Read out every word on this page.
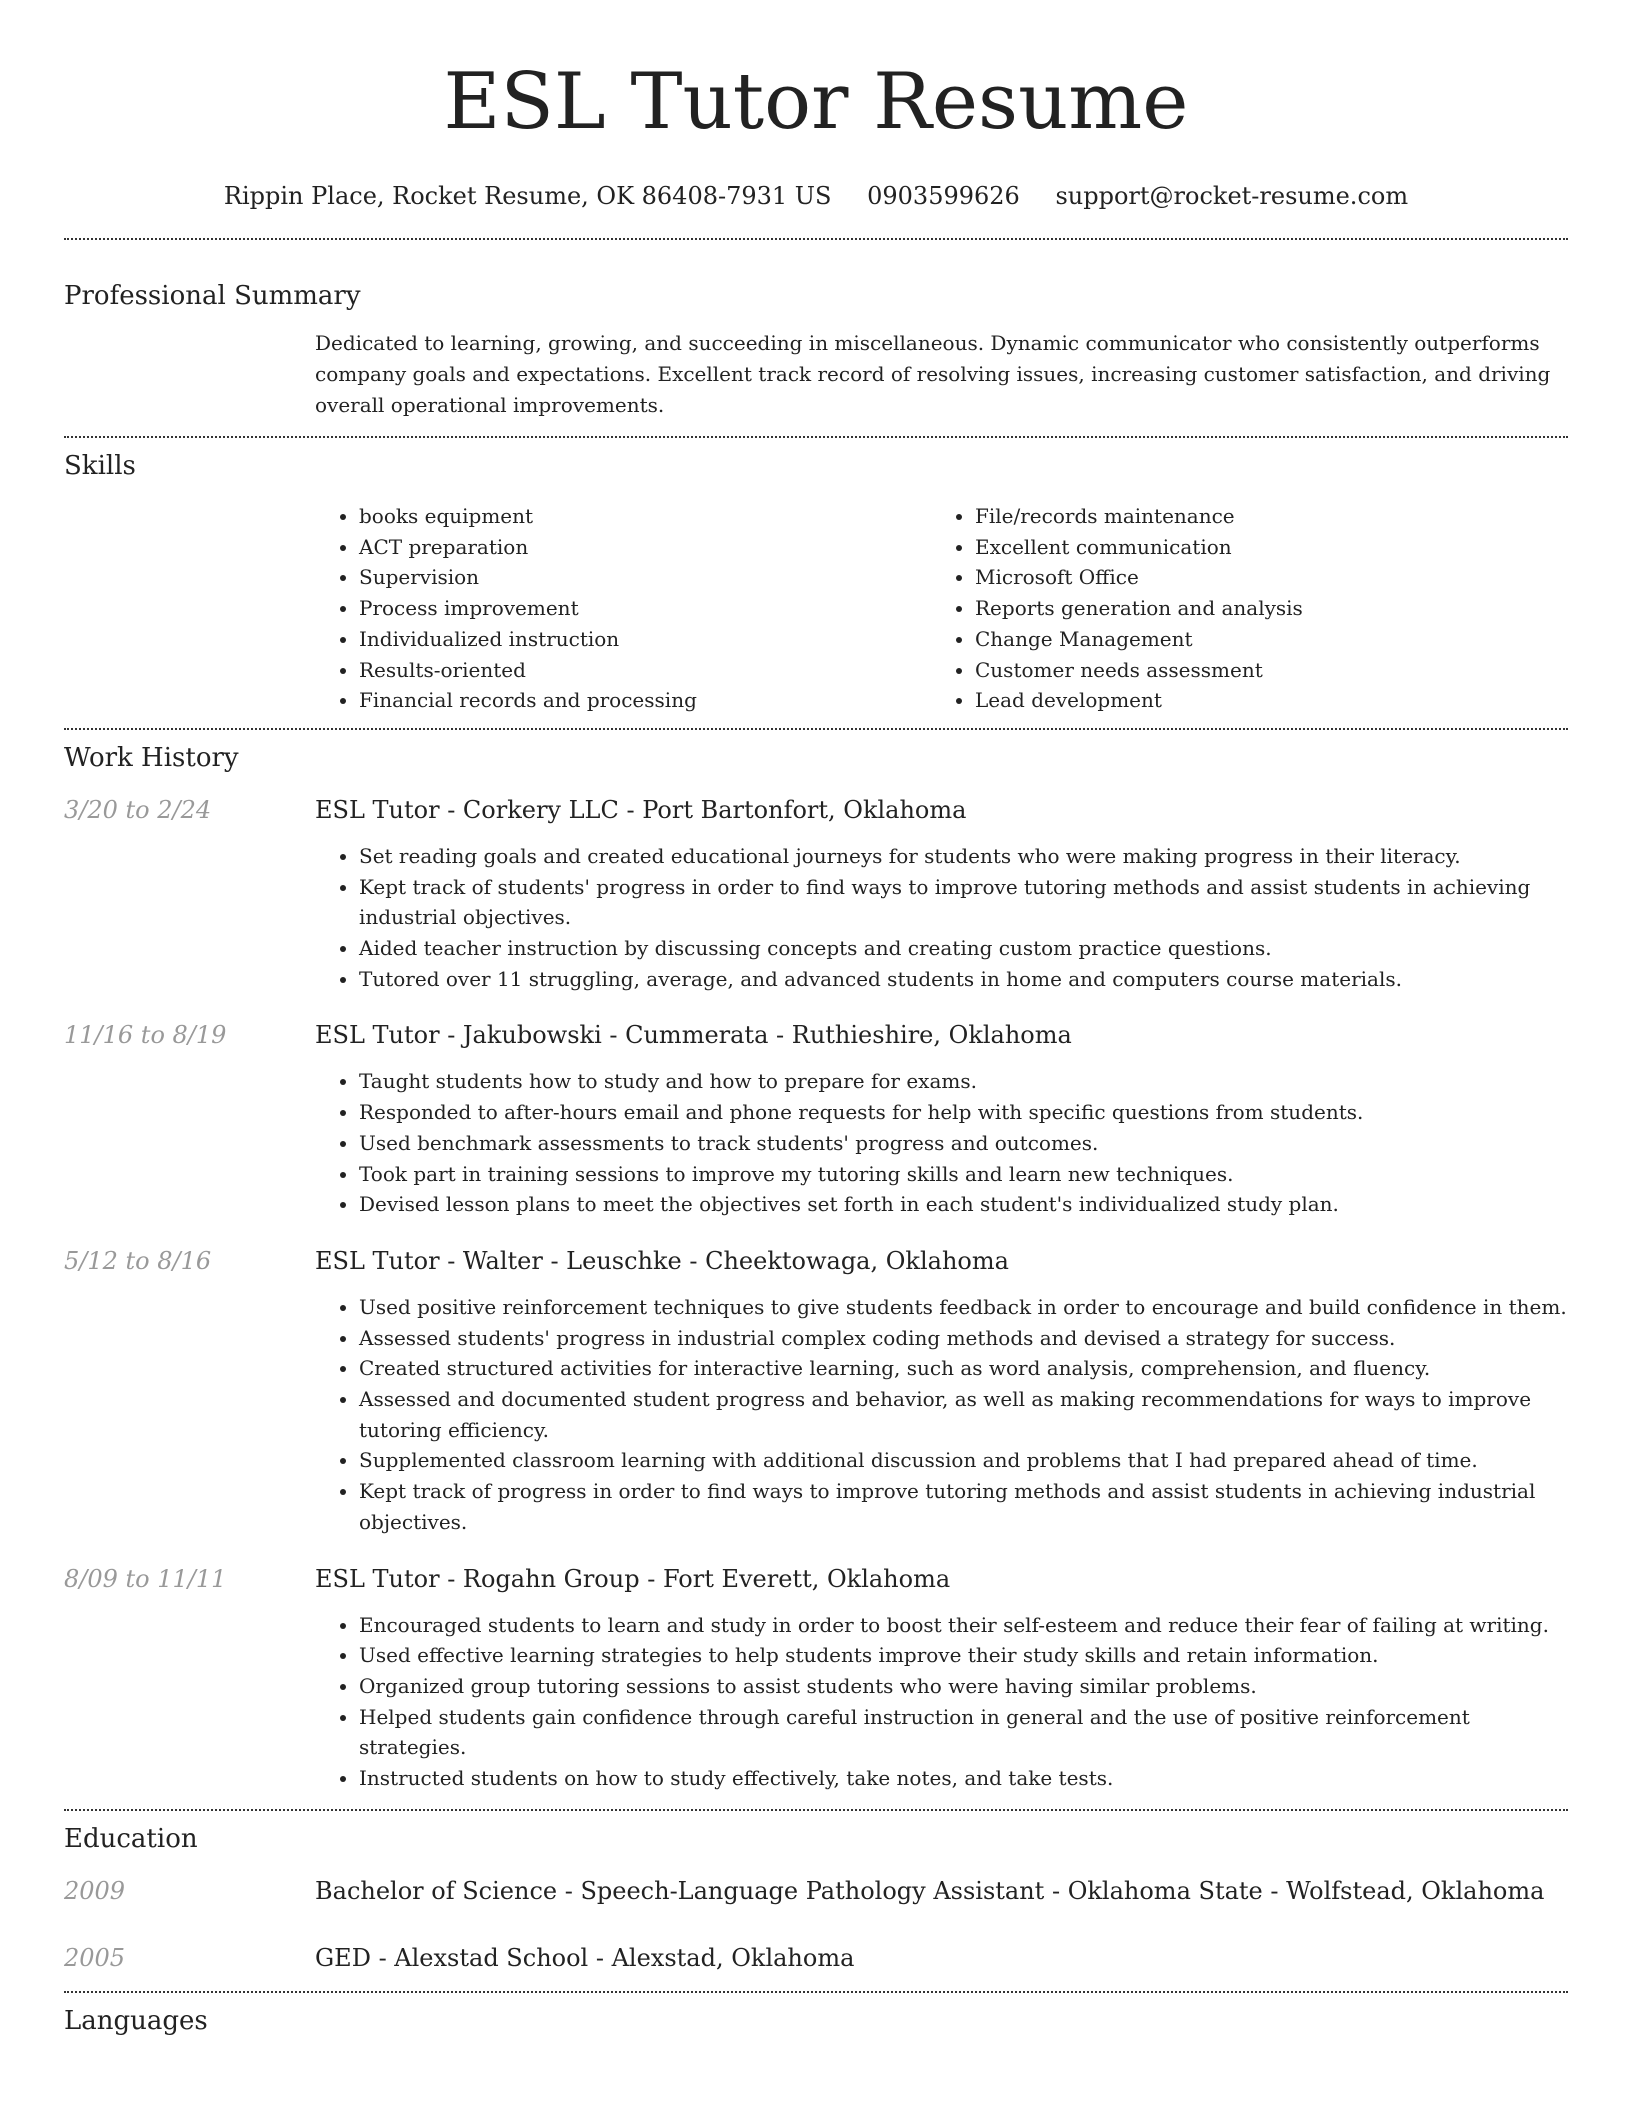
ESL Tutor Resume
Rippin Place, Rocket Resume, OK 86408-7931 US 0903599626 support@rocket-resume.com
Professional Summary
Dedicated to learning, growing, and succeeding in miscellaneous. Dynamic communicator who consistently outperforms company goals and expectations. Excellent track record of resolving issues, increasing customer satisfaction, and driving overall operational improvements.
Skills
• books equipment
• ACT preparation
• Supervision
• Process improvement
• Individualized instruction
• Results-oriented
• Financial records and processing
• File/records maintenance
• Excellent communication
• Microsoft Office
• Reports generation and analysis
• Change Management
• Customer needs assessment
• Lead development
Work History
3/20 to 2/24	ESL Tutor - Corkery LLC - Port Bartonfort, Oklahoma
• Set reading goals and created educational journeys for students who were making progress in their literacy.
• Kept track of students' progress in order to find ways to improve tutoring methods and assist students in achieving industrial objectives.
• Aided teacher instruction by discussing concepts and creating custom practice questions.
• Tutored over 11 struggling, average, and advanced students in home and computers course materials.
11/16 to 8/19	ESL Tutor - Jakubowski - Cummerata - Ruthieshire, Oklahoma
• Taught students how to study and how to prepare for exams.
• Responded to after-hours email and phone requests for help with specific questions from students.
• Used benchmark assessments to track students' progress and outcomes.
• Took part in training sessions to improve my tutoring skills and learn new techniques.
• Devised lesson plans to meet the objectives set forth in each student's individualized study plan.
5/12 to 8/16	ESL Tutor - Walter - Leuschke - Cheektowaga, Oklahoma
• Used positive reinforcement techniques to give students feedback in order to encourage and build confidence in them.
• Assessed students' progress in industrial complex coding methods and devised a strategy for success.
• Created structured activities for interactive learning, such as word analysis, comprehension, and fluency.
• Assessed and documented student progress and behavior, as well as making recommendations for ways to improve tutoring efficiency.
• Supplemented classroom learning with additional discussion and problems that I had prepared ahead of time.
• Kept track of progress in order to find ways to improve tutoring methods and assist students in achieving industrial objectives.
8/09 to 11/11	ESL Tutor - Rogahn Group - Fort Everett, Oklahoma
• Encouraged students to learn and study in order to boost their self-esteem and reduce their fear of failing at writing.
• Used effective learning strategies to help students improve their study skills and retain information.
• Organized group tutoring sessions to assist students who were having similar problems.
• Helped students gain confidence through careful instruction in general and the use of positive reinforcement strategies.
• Instructed students on how to study effectively, take notes, and take tests.
Education
2009	Bachelor of Science - Speech-Language Pathology Assistant - Oklahoma State - Wolfstead, Oklahoma
2005	GED - Alexstad School - Alexstad, Oklahoma
Languages
